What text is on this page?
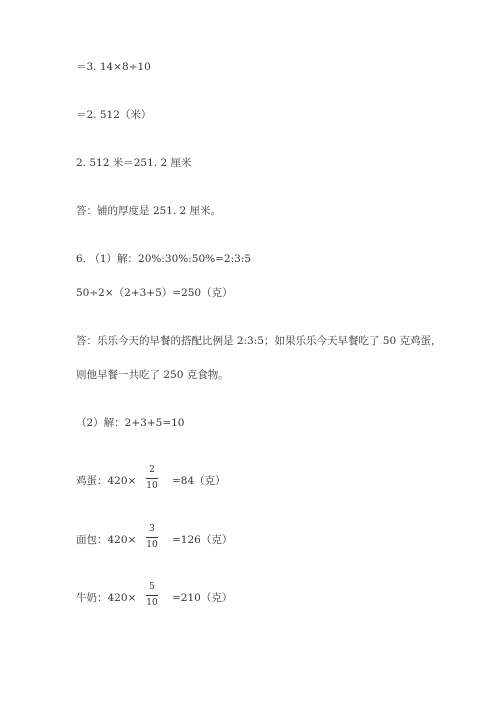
＝3. 14×8÷10
＝2. 512（米）
2. 512 米＝251. 2 厘米
答：铺的厚度是 251. 2 厘米。
6. （1）解：20%:30%:50%=2:3:5
50÷2×（2+3+5）=250（克）
答：乐乐今天的早餐的搭配比例是 2:3:5；如果乐乐今天早餐吃了 50 克鸡蛋，
则他早餐一共吃了 250 克食物。
（2）解：2+3+5=10
鸡蛋：420×
2
10 =84（克）
面包：420×
3
10 =126（克）
牛奶：420×
5
10 =210（克）
